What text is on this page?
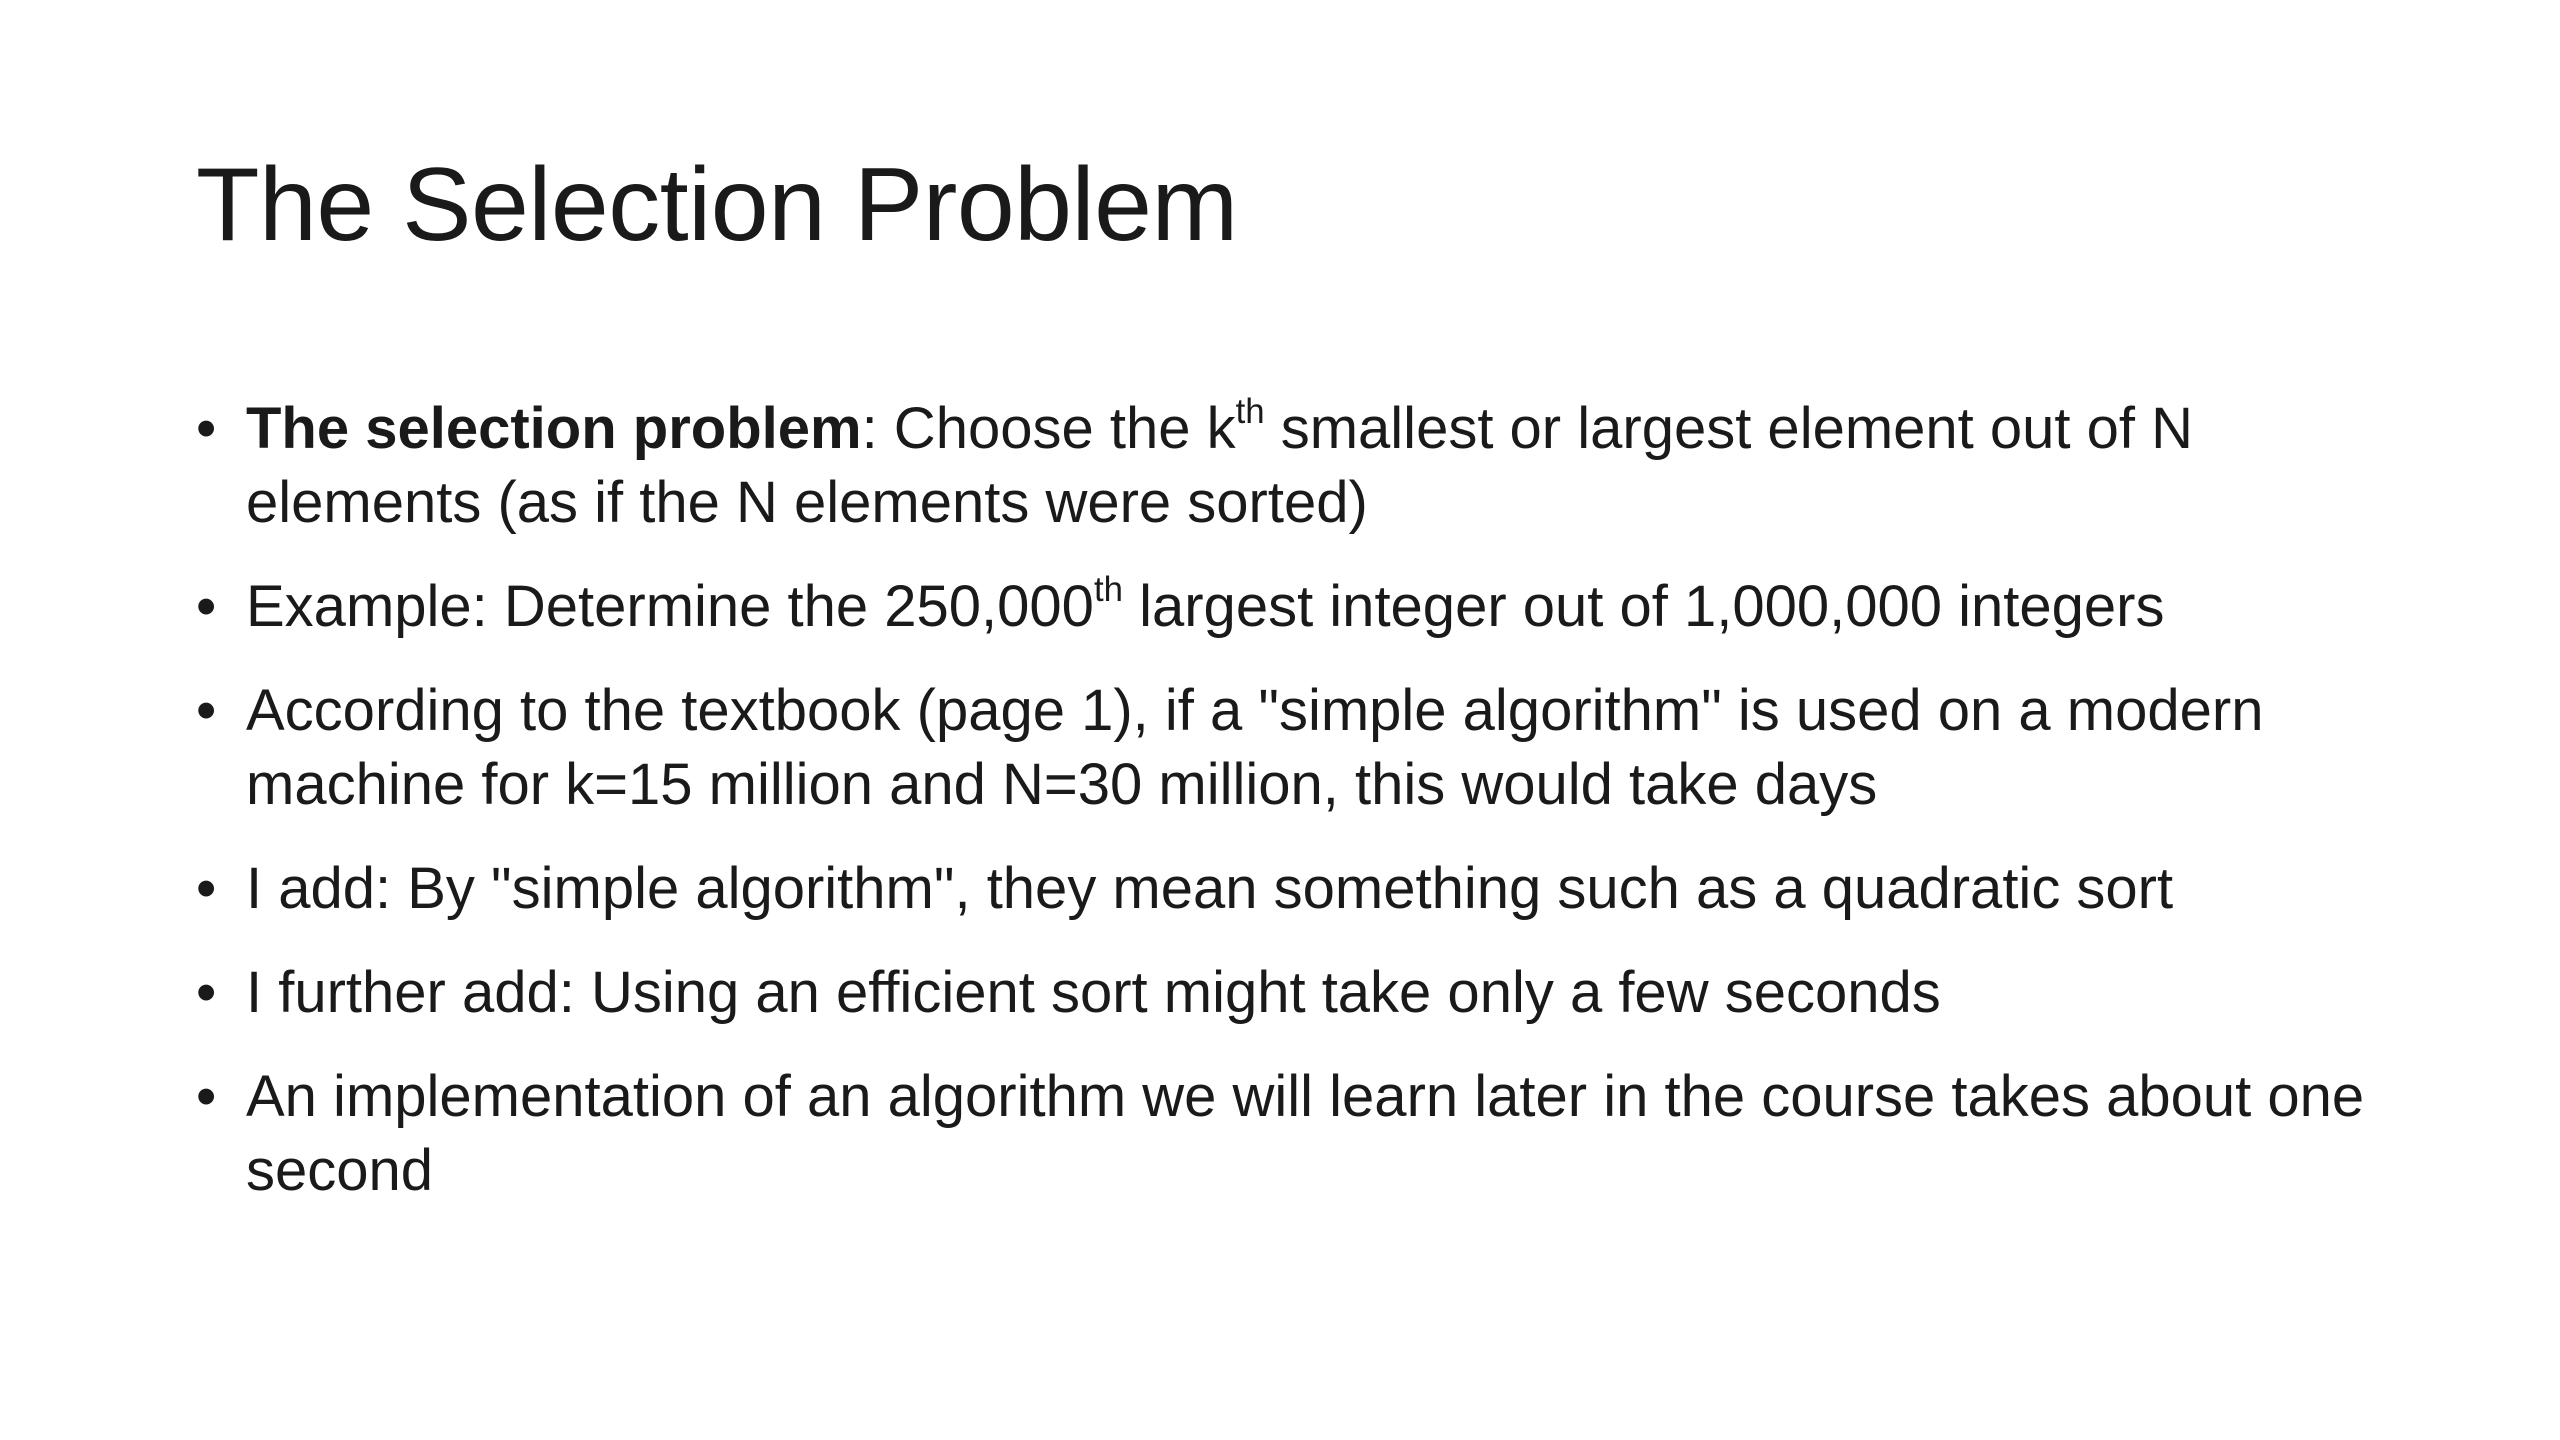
The Selection Problem
• The selection problem: Choose the $k^{th}$ smallest or largest element out of N elements (as if the N elements were sorted)
• Example: Determine the 250,000th largest integer out of 1,000,000 integers
• According to the textbook (page 1), if a "simple algorithm" is used on a modern machine for k=15 million and N=30 million, this would take days
• I add: By "simple algorithm", they mean something such as a quadratic sort
• I further add: Using an efficient sort might take only a few seconds
• An implementation of an algorithm we will learn later in the course takes about one second
